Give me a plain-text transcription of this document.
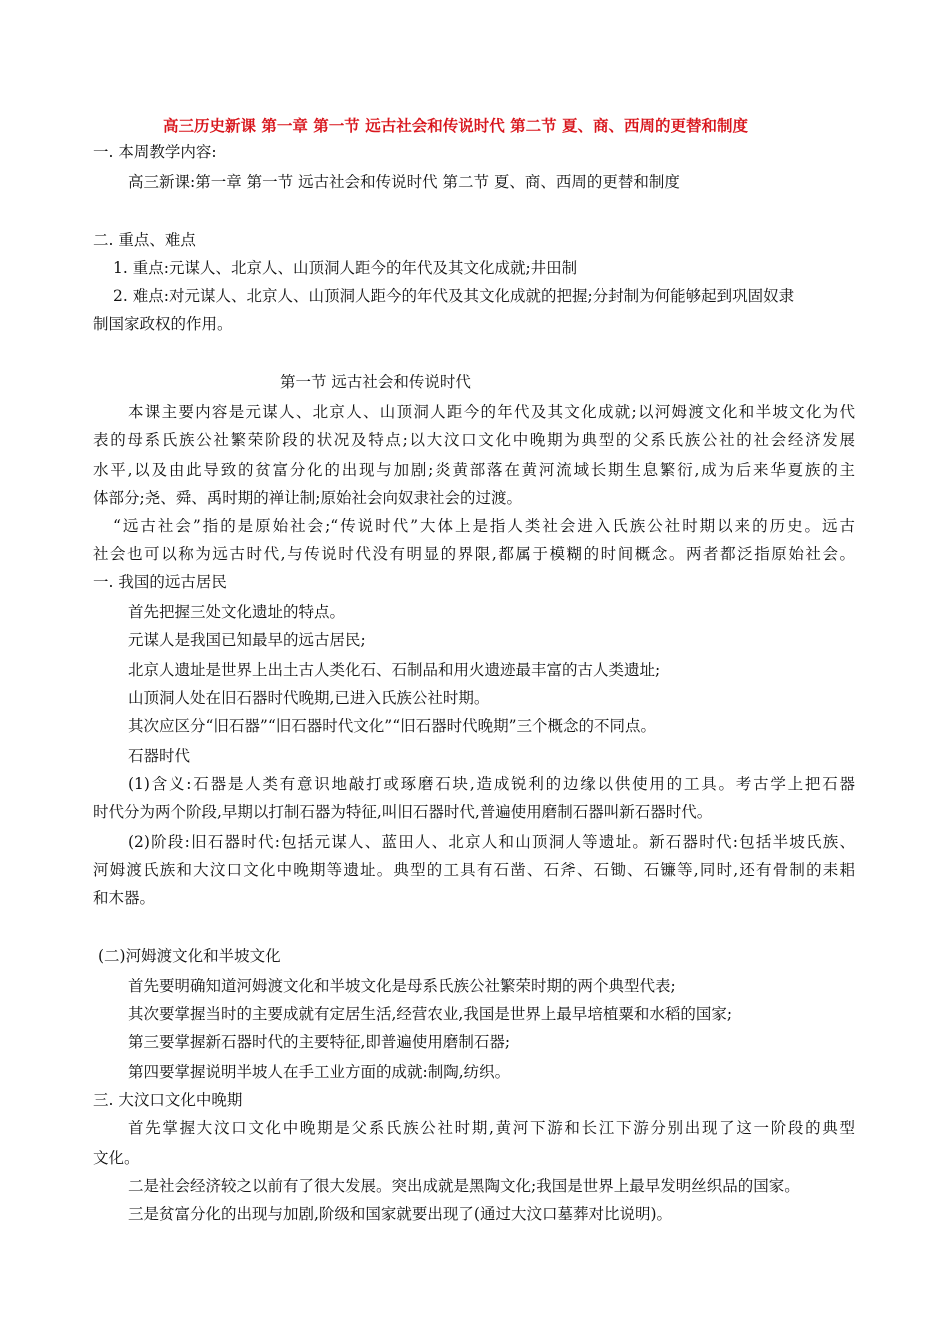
高三历史新课 第一章 第一节 远古社会和传说时代 第二节 夏、商、西周的更替和制度
一. 本周教学内容:
高三新课:第一章 第一节 远古社会和传说时代 第二节 夏、商、西周的更替和制度
二. 重点、难点
1. 重点:元谋人、北京人、山顶洞人距今的年代及其文化成就;井田制
2. 难点:对元谋人、北京人、山顶洞人距今的年代及其文化成就的把握;分封制为何能够起到巩固奴隶
制国家政权的作用。
第一节 远古社会和传说时代
本课主要内容是元谋人、北京人、山顶洞人距今的年代及其文化成就;以河姆渡文化和半坡文化为代
表的母系氏族公社繁荣阶段的状况及特点;以大汶口文化中晚期为典型的父系氏族公社的社会经济发展
水平,以及由此导致的贫富分化的出现与加剧;炎黄部落在黄河流域长期生息繁衍,成为后来华夏族的主
体部分;尧、舜、禹时期的禅让制;原始社会向奴隶社会的过渡。
“远古社会”指的是原始社会;“传说时代”大体上是指人类社会进入氏族公社时期以来的历史。远古
社会也可以称为远古时代,与传说时代没有明显的界限,都属于模糊的时间概念。两者都泛指原始社会。
一. 我国的远古居民
首先把握三处文化遗址的特点。
元谋人是我国已知最早的远古居民;
北京人遗址是世界上出土古人类化石、石制品和用火遗迹最丰富的古人类遗址;
山顶洞人处在旧石器时代晚期,已进入氏族公社时期。
其次应区分“旧石器”“旧石器时代文化”“旧石器时代晚期”三个概念的不同点。
石器时代
(1)含义:石器是人类有意识地敲打或琢磨石块,造成锐利的边缘以供使用的工具。考古学上把石器
时代分为两个阶段,早期以打制石器为特征,叫旧石器时代,普遍使用磨制石器叫新石器时代。
(2)阶段:旧石器时代:包括元谋人、蓝田人、北京人和山顶洞人等遗址。新石器时代:包括半坡氏族、
河姆渡氏族和大汶口文化中晚期等遗址。典型的工具有石凿、石斧、石锄、石镰等,同时,还有骨制的耒耜
和木器。
(二)河姆渡文化和半坡文化
首先要明确知道河姆渡文化和半坡文化是母系氏族公社繁荣时期的两个典型代表;
其次要掌握当时的主要成就有定居生活,经营农业,我国是世界上最早培植粟和水稻的国家;
第三要掌握新石器时代的主要特征,即普遍使用磨制石器;
第四要掌握说明半坡人在手工业方面的成就:制陶,纺织。
三. 大汶口文化中晚期
首先掌握大汶口文化中晚期是父系氏族公社时期,黄河下游和长江下游分别出现了这一阶段的典型
文化。
二是社会经济较之以前有了很大发展。突出成就是黑陶文化;我国是世界上最早发明丝织品的国家。
三是贫富分化的出现与加剧,阶级和国家就要出现了(通过大汶口墓葬对比说明)。
